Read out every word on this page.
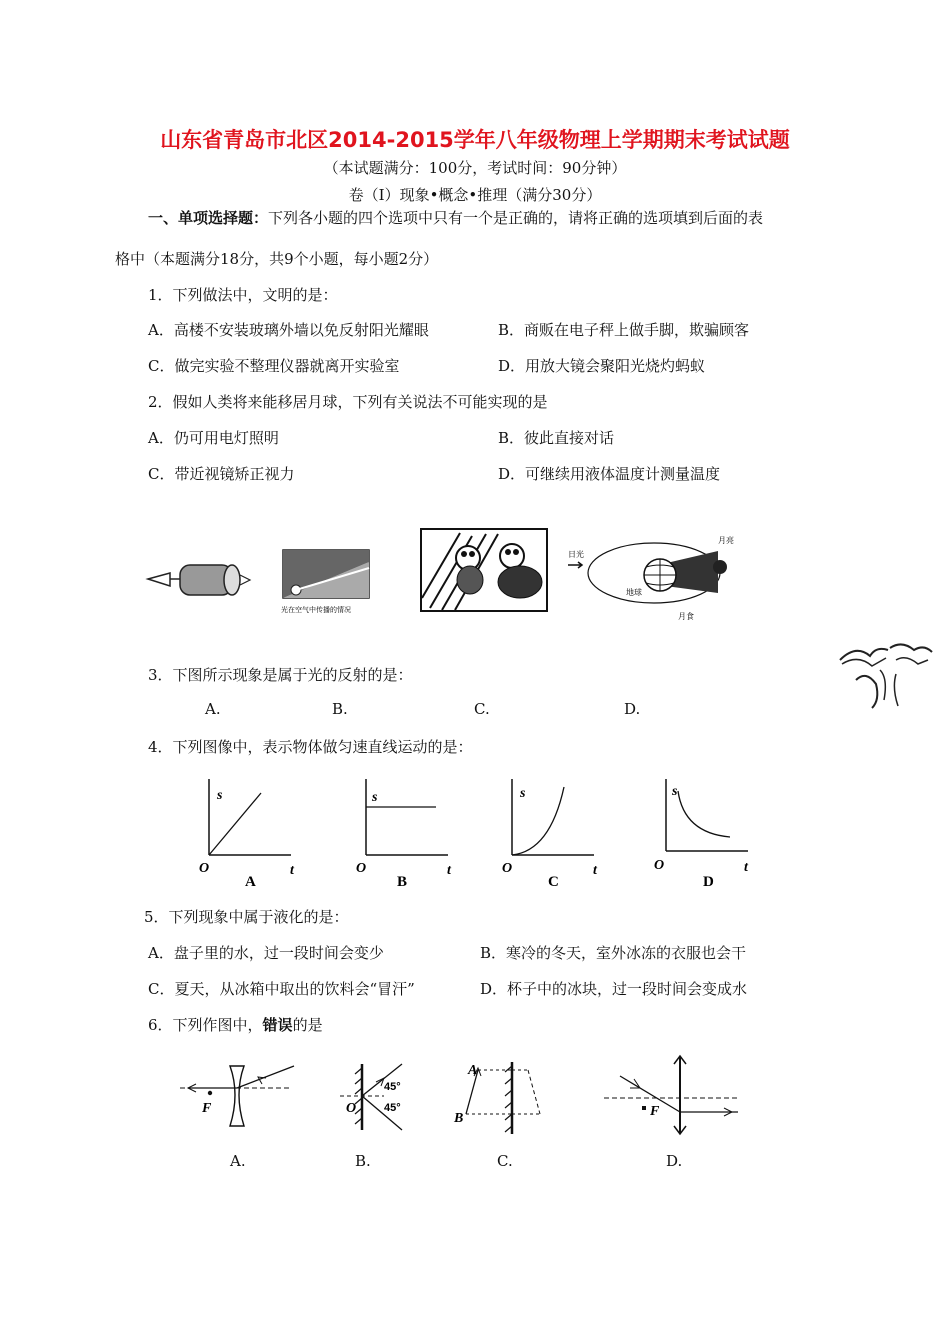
山东省青岛市北区2014-2015学年八年级物理上学期期末考试试题
（本试题满分：100分，考试时间：90分钟）
卷（Ⅰ）现象•概念•推理（满分30分）
一、单项选择题：下列各小题的四个选项中只有一个是正确的，请将正确的选项填到后面的表
格中（本题满分18分，共9个小题，每小题2分）
1．下列做法中，文明的是：
A．高楼不安装玻璃外墙以免反射阳光耀眼	B．商贩在电子秤上做手脚，欺骗顾客
C．做完实验不整理仪器就离开实验室	D．用放大镜会聚阳光烧灼蚂蚁
2．假如人类将来能移居月球，下列有关说法不可能实现的是
A．仍可用电灯照明	B．彼此直接对话
C．带近视镜矫正视力	D．可继续用液体温度计测量温度
光在空气中传播的情况
日光
月亮
地球
月食
3．下图所示现象是属于光的反射的是：
A.	B.	C.	D.
4．下列图像中，表示物体做匀速直线运动的是：
s
O	t
A
s
O	t
B
s
O	t
C
s
O	t
D
5．下列现象中属于液化的是：
A．盘子里的水，过一段时间会变少	B．寒冷的冬天，室外冰冻的衣服也会干
C．夏天，从冰箱中取出的饮料会“冒汗”	D．杯子中的冰块，过一段时间会变成水
6．下列作图中，错误的是
F
45°
45°
O
A
B	F
A.	B.	C.	D.
